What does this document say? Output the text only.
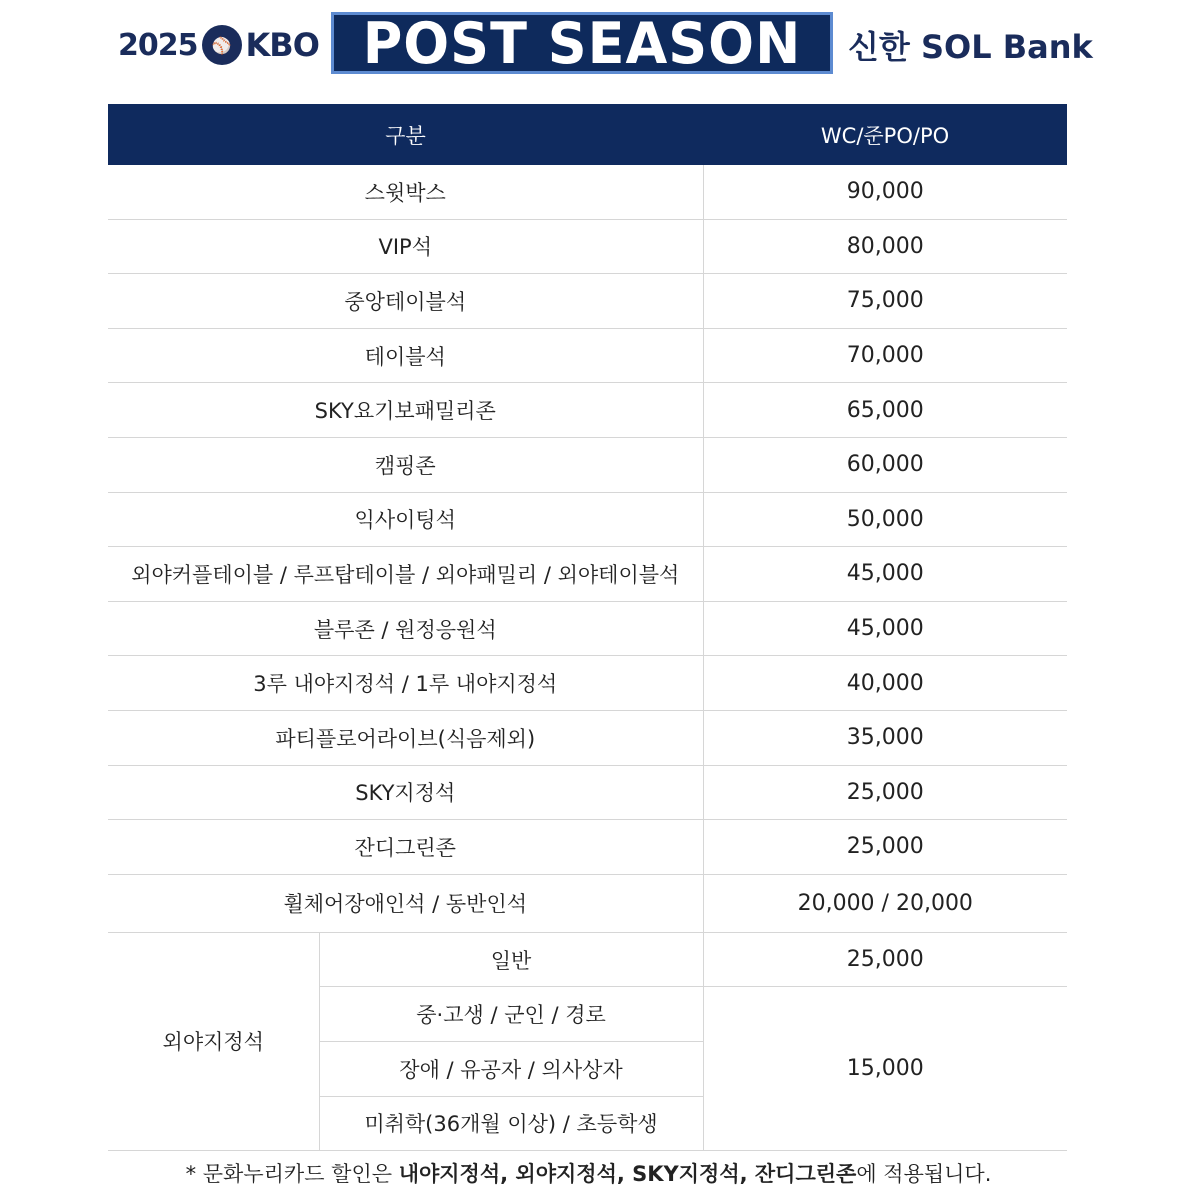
2025 ⚾ KBO POST SEASON 신한 SOL Bank
구분		WC/준PO/PO
스윗박스		90,000
VIP석		80,000
중앙테이블석		75,000
테이블석		70,000
SKY요기보패밀리존		65,000
캠핑존		60,000
익사이팅석		50,000
외야커플테이블 / 루프탑테이블 / 외야패밀리 / 외야테이블석		45,000
블루존 / 원정응원석		45,000
3루 내야지정석 / 1루 내야지정석		40,000
파티플로어라이브(식음제외)		35,000
SKY지정석		25,000
잔디그린존		25,000
휠체어장애인석 / 동반인석		20,000 / 20,000
외야지정석	일반	25,000
	중·고생 / 군인 / 경로	15,000
	장애 / 유공자 / 의사상자	
	미취학(36개월 이상) / 초등학생	
* 문화누리카드 할인은 내야지정석, 외야지정석, SKY지정석, 잔디그린존에 적용됩니다.
